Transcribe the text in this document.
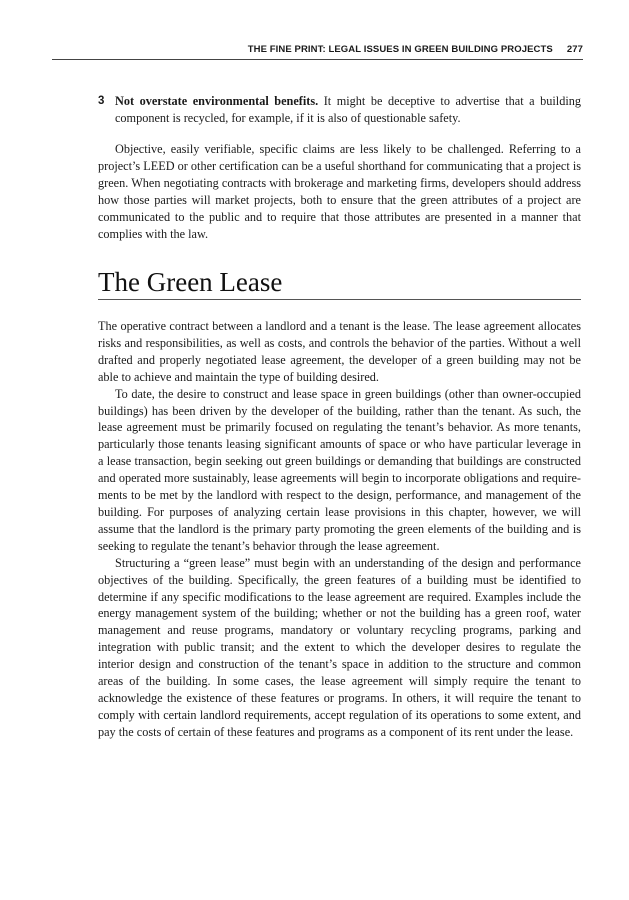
THE FINE PRINT: LEGAL ISSUES IN GREEN BUILDING PROJECTS 277
3 Not overstate environmental benefits. It might be deceptive to advertise that a building component is recycled, for example, if it is also of questionable safety.

Objective, easily verifiable, specific claims are less likely to be challenged. Referring to a project’s LEED or other certification can be a useful shorthand for communicating that a project is green. When negotiating contracts with brokerage and marketing firms, developers should address how those parties will market projects, both to ensure that the green attributes of a project are communicated to the public and to require that those attributes are presented in a manner that complies with the law.

The Green Lease

The operative contract between a landlord and a tenant is the lease. The lease agreement allocates risks and responsibilities, as well as costs, and controls the behavior of the parties. Without a well drafted and properly negotiated lease agreement, the developer of a green building may not be able to achieve and maintain the type of building desired.

To date, the desire to construct and lease space in green buildings (other than owner-occupied buildings) has been driven by the developer of the building, rather than the tenant. As such, the lease agreement must be primarily focused on regulating the tenant’s behavior. As more tenants, particularly those tenants leasing significant amounts of space or who have particular leverage in a lease transaction, begin seeking out green buildings or demanding that buildings are constructed and operated more sustainably, lease agreements will begin to incorporate obligations and requirements to be met by the landlord with respect to the design, performance, and management of the building. For purposes of analyzing certain lease provisions in this chapter, however, we will assume that the landlord is the primary party promoting the green elements of the building and is seeking to regulate the tenant’s behavior through the lease agreement.

Structuring a “green lease” must begin with an understanding of the design and performance objectives of the building. Specifically, the green features of a building must be identified to determine if any specific modifications to the lease agreement are required. Examples include the energy management system of the building; whether or not the building has a green roof, water management and reuse programs, mandatory or voluntary recycling programs, parking and integration with public transit; and the extent to which the developer desires to regulate the interior design and construction of the tenant’s space in addition to the structure and common areas of the building. In some cases, the lease agreement will simply require the tenant to acknowledge the existence of these features or programs. In others, it will require the tenant to comply with certain landlord requirements, accept regulation of its operations to some extent, and pay the costs of certain of these features and programs as a component of its rent under the lease.
